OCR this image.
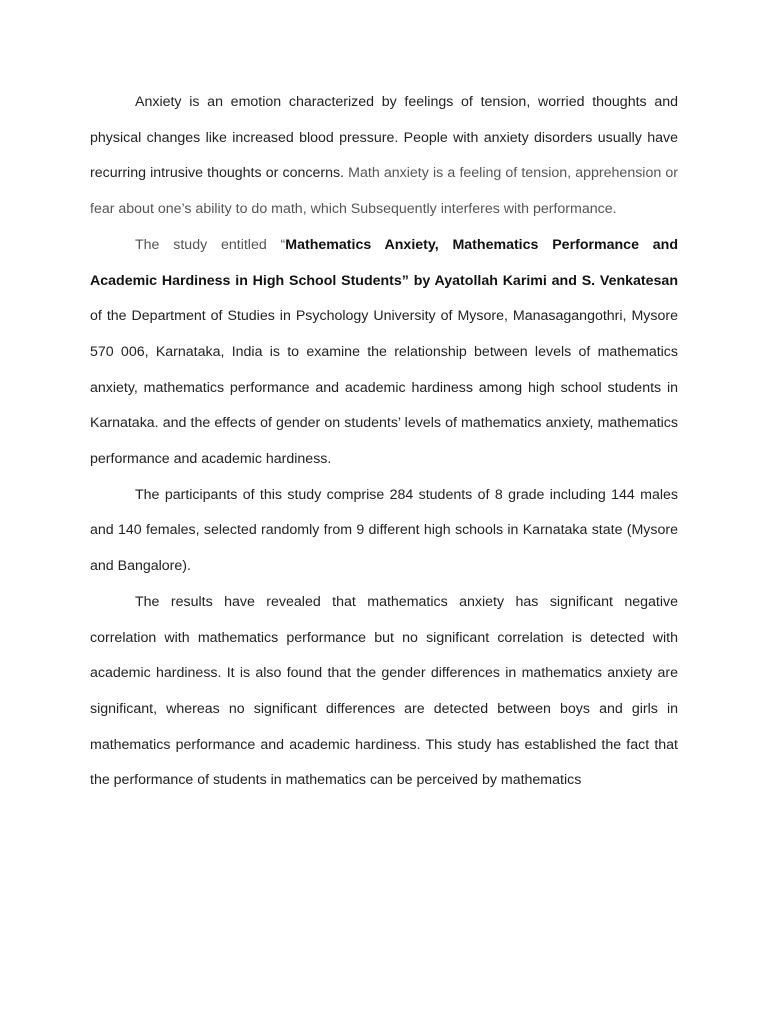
Anxiety is an emotion characterized by feelings of tension, worried thoughts and physical changes like increased blood pressure. People with anxiety disorders usually have recurring intrusive thoughts or concerns. Math anxiety is a feeling of tension, apprehension or fear about one’s ability to do math, which Subsequently interferes with performance.

The study entitled “Mathematics Anxiety, Mathematics Performance and Academic Hardiness in High School Students” by Ayatollah Karimi and S. Venkatesan of the Department of Studies in Psychology University of Mysore, Manasagangothri, Mysore 570 006, Karnataka, India is to examine the relationship between levels of mathematics anxiety, mathematics performance and academic hardiness among high school students in Karnataka. and the effects of gender on students’ levels of mathematics anxiety, mathematics performance and academic hardiness.

The participants of this study comprise 284 students of 8 grade including 144 males and 140 females, selected randomly from 9 different high schools in Karnataka state (Mysore and Bangalore).

The results have revealed that mathematics anxiety has significant negative correlation with mathematics performance but no significant correlation is detected with academic hardiness. It is also found that the gender differences in mathematics anxiety are significant, whereas no significant differences are detected between boys and girls in mathematics performance and academic hardiness. This study has established the fact that the performance of students in mathematics can be perceived by mathematics
